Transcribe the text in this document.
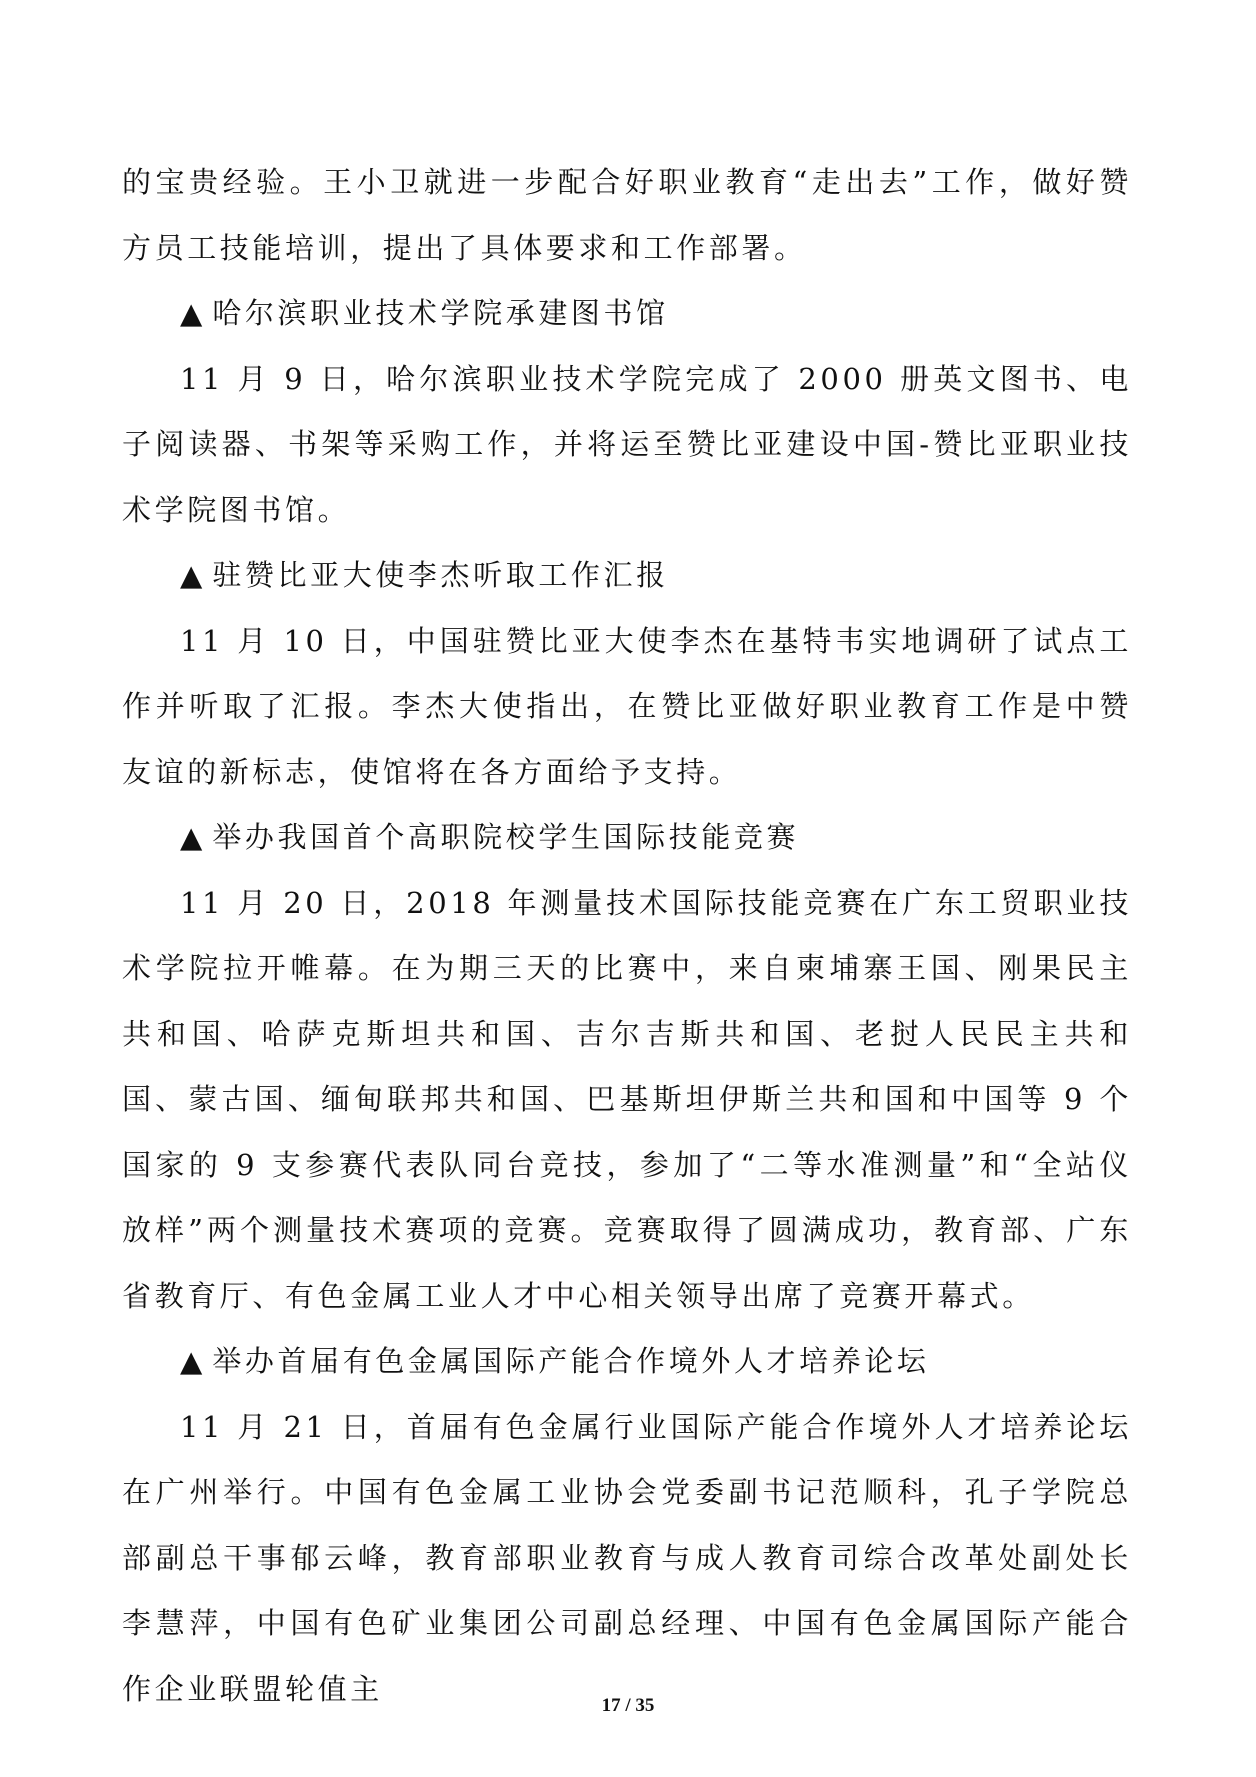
的宝贵经验。王小卫就进一步配合好职业教育“走出去”工作，做好赞方员工技能培训，提出了具体要求和工作部署。

▲ 哈尔滨职业技术学院承建图书馆

11 月 9 日，哈尔滨职业技术学院完成了 2000 册英文图书、电子阅读器、书架等采购工作，并将运至赞比亚建设中国-赞比亚职业技术学院图书馆。

▲ 驻赞比亚大使李杰听取工作汇报

11 月 10 日，中国驻赞比亚大使李杰在基特韦实地调研了试点工作并听取了汇报。李杰大使指出，在赞比亚做好职业教育工作是中赞友谊的新标志，使馆将在各方面给予支持。

▲ 举办我国首个高职院校学生国际技能竞赛

11 月 20 日，2018 年测量技术国际技能竞赛在广东工贸职业技术学院拉开帷幕。在为期三天的比赛中，来自柬埔寨王国、刚果民主共和国、哈萨克斯坦共和国、吉尔吉斯共和国、老挝人民民主共和国、蒙古国、缅甸联邦共和国、巴基斯坦伊斯兰共和国和中国等 9 个国家的 9 支参赛代表队同台竞技，参加了“二等水准测量”和“全站仪放样”两个测量技术赛项的竞赛。竞赛取得了圆满成功，教育部、广东省教育厅、有色金属工业人才中心相关领导出席了竞赛开幕式。

▲ 举办首届有色金属国际产能合作境外人才培养论坛

11 月 21 日，首届有色金属行业国际产能合作境外人才培养论坛在广州举行。中国有色金属工业协会党委副书记范顺科，孔子学院总部副总干事郁云峰，教育部职业教育与成人教育司综合改革处副处长李慧萍，中国有色矿业集团公司副总经理、中国有色金属国际产能合作企业联盟轮值主	17 / 35
